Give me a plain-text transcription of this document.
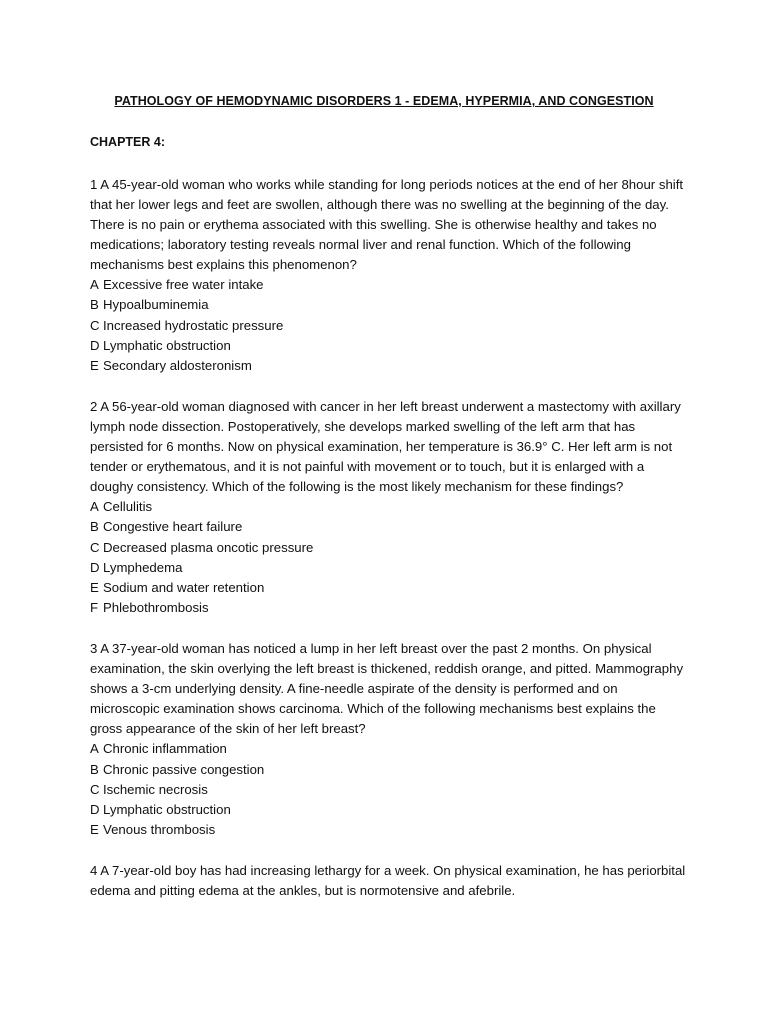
PATHOLOGY OF HEMODYNAMIC DISORDERS 1 - EDEMA, HYPERMIA, AND CONGESTION
CHAPTER 4:
1 A 45-year-old woman who works while standing for long periods notices at the end of her 8hour shift that her lower legs and feet are swollen, although there was no swelling at the beginning of the day. There is no pain or erythema associated with this swelling. She is otherwise healthy and takes no medications; laboratory testing reveals normal liver and renal function. Which of the following mechanisms best explains this phenomenon?
A Excessive free water intake
B Hypoalbuminemia
C Increased hydrostatic pressure
D Lymphatic obstruction
E Secondary aldosteronism
2 A 56-year-old woman diagnosed with cancer in her left breast underwent a mastectomy with axillary lymph node dissection. Postoperatively, she develops marked swelling of the left arm that has persisted for 6 months. Now on physical examination, her temperature is 36.9° C. Her left arm is not tender or erythematous, and it is not painful with movement or to touch, but it is enlarged with a doughy consistency. Which of the following is the most likely mechanism for these findings?
A Cellulitis
B Congestive heart failure
C Decreased plasma oncotic pressure
D Lymphedema
E Sodium and water retention
F Phlebothrombosis
3 A 37-year-old woman has noticed a lump in her left breast over the past 2 months. On physical examination, the skin overlying the left breast is thickened, reddish orange, and pitted. Mammography shows a 3-cm underlying density. A fine-needle aspirate of the density is performed and on microscopic examination shows carcinoma. Which of the following mechanisms best explains the gross appearance of the skin of her left breast?
A Chronic inflammation
B Chronic passive congestion
C Ischemic necrosis
D Lymphatic obstruction
E Venous thrombosis
4 A 7-year-old boy has had increasing lethargy for a week. On physical examination, he has periorbital edema and pitting edema at the ankles, but is normotensive and afebrile.
